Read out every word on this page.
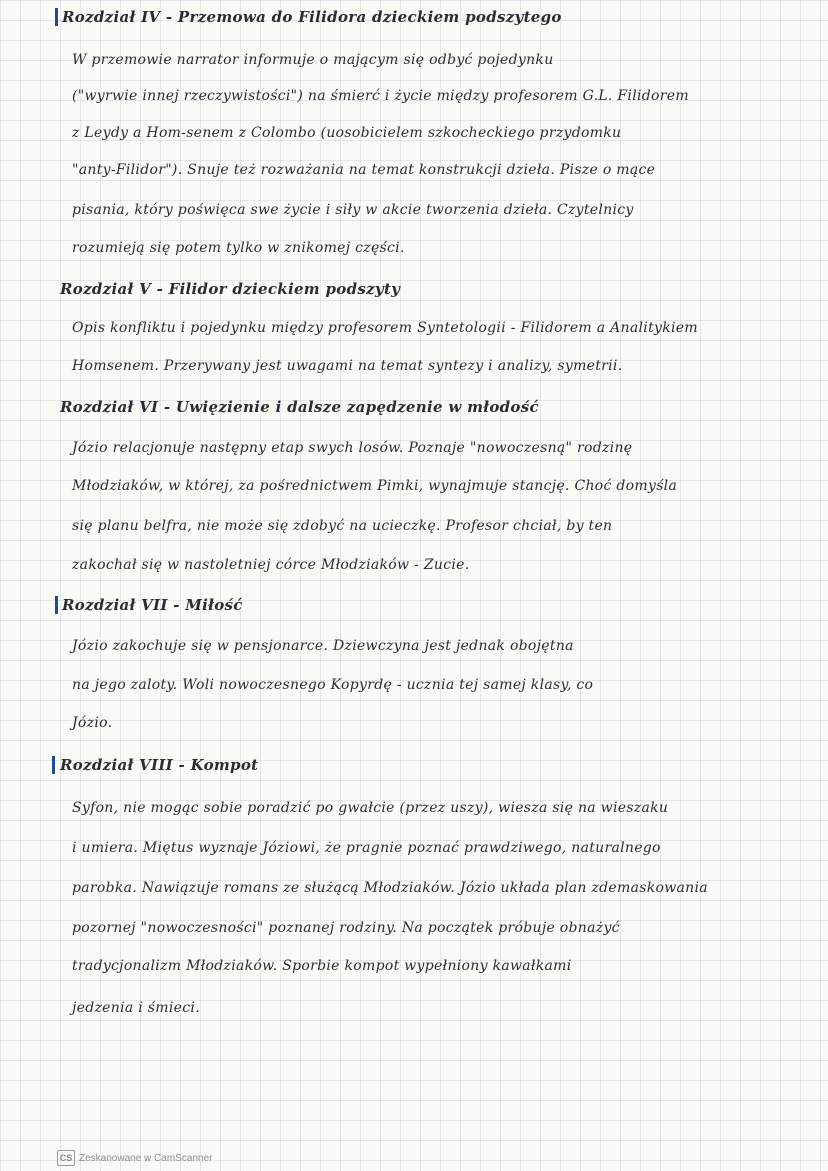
Rozdział IV - Przemowa do Filidora dzieckiem podszytego
W przemowie narrator informuje o mającym się odbyć pojedynku
("wyrwie innej rzeczywistości") na śmierć i życie między profesorem G.L. Filidorem
z Leydy a Hom-senem z Colombo (uosobicielem szkocheckiego przydomku
"anty-Filidor"). Snuje też rozważania na temat konstrukcji dzieła. Pisze o mące
pisania, który poświęca swe życie i siły w akcie tworzenia dzieła. Czytelnicy
rozumieją się potem tylko w znikomej części.
Rozdział V - Filidor dzieckiem podszyty
Opis konfliktu i pojedynku między profesorem Syntetologii - Filidorem a Analitykiem
Homsenem. Przerywany jest uwagami na temat syntezy i analizy, symetrii.
Rozdział VI - Uwięzienie i dalsze zapędzenie w młodość
Józio relacjonuje następny etap swych losów. Poznaje "nowoczesną" rodzinę
Młodziaków, w której, za pośrednictwem Pimki, wynajmuje stancję. Choć domyśla
się planu belfra, nie może się zdobyć na ucieczkę. Profesor chciał, by ten
zakochał się w nastoletniej córce Młodziaków - Zucie.
Rozdział VII - Miłość
Józio zakochuje się w pensjonarce. Dziewczyna jest jednak obojętna
na jego zaloty. Woli nowoczesnego Kopyrdę - ucznia tej samej klasy, co
Józio.
Rozdział VIII - Kompot
Syfon, nie mogąc sobie poradzić po gwałcie (przez uszy), wiesza się na wieszaku
i umiera. Miętus wyznaje Józiowi, że pragnie poznać prawdziwego, naturalnego
parobka. Nawiązuje romans ze służącą Młodziaków. Józio układa plan zdemaskowania
pozornej "nowoczesności" poznanej rodziny. Na początek próbuje obnażyć
tradycjonalizm Młodziaków. Sporbie kompot wypełniony kawałkami
jedzenia i śmieci.
CS Zeskanowane w CamScanner
